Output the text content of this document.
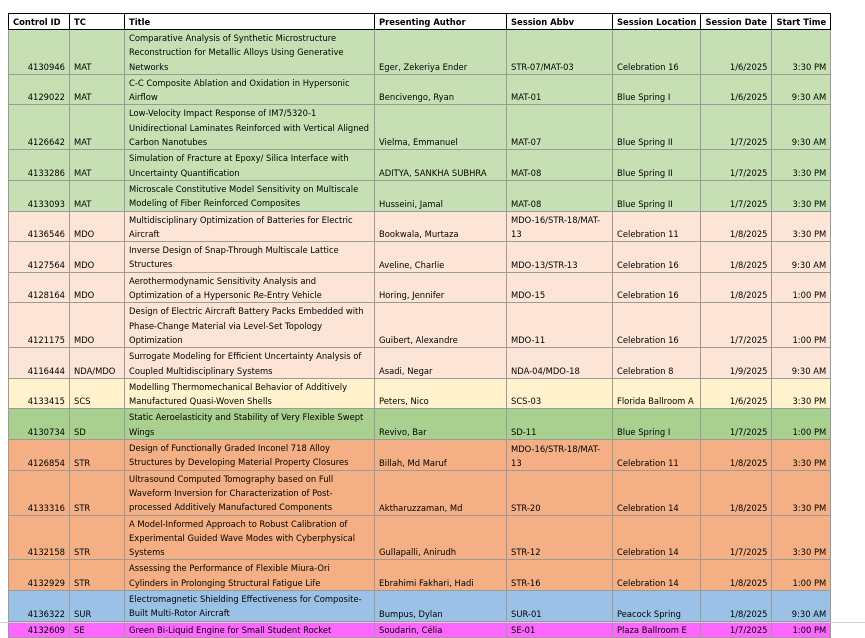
Control ID	TC	Title	Presenting Author	Session Abbv	Session Location	Session Date	Start Time
4130946	MAT	Comparative Analysis of Synthetic Microstructure Reconstruction for Metallic Alloys Using Generative Networks	Eger, Zekeriya Ender	STR-07/MAT-03	Celebration 16	1/6/2025	3:30 PM
4129022	MAT	C-C Composite Ablation and Oxidation in Hypersonic Airflow	Bencivengo, Ryan	MAT-01	Blue Spring I	1/6/2025	9:30 AM
4126642	MAT	Low-Velocity Impact Response of IM7/5320-1 Unidirectional Laminates Reinforced with Vertical Aligned Carbon Nanotubes	Vielma, Emmanuel	MAT-07	Blue Spring II	1/7/2025	9:30 AM
4133286	MAT	Simulation of Fracture at Epoxy/ Silica Interface with Uncertainty Quantification	ADITYA, SANKHA SUBHRA	MAT-08	Blue Spring II	1/7/2025	3:30 PM
4133093	MAT	Microscale Constitutive Model Sensitivity on Multiscale Modeling of Fiber Reinforced Composites	Husseini, Jamal	MAT-08	Blue Spring II	1/7/2025	3:30 PM
4136546	MDO	Multidisciplinary Optimization of Batteries for Electric Aircraft	Bookwala, Murtaza	MDO-16/STR-18/MAT-13	Celebration 11	1/8/2025	3:30 PM
4127564	MDO	Inverse Design of Snap-Through Multiscale Lattice Structures	Aveline, Charlie	MDO-13/STR-13	Celebration 16	1/8/2025	9:30 AM
4128164	MDO	Aerothermodynamic Sensitivity Analysis and Optimization of a Hypersonic Re-Entry Vehicle	Horing, Jennifer	MDO-15	Celebration 16	1/8/2025	1:00 PM
4121175	MDO	Design of Electric Aircraft Battery Packs Embedded with Phase-Change Material via Level-Set Topology Optimization	Guibert, Alexandre	MDO-11	Celebration 16	1/7/2025	1:00 PM
4116444	NDA/MDO	Surrogate Modeling for Efficient Uncertainty Analysis of Coupled Multidisciplinary Systems	Asadi, Negar	NDA-04/MDO-18	Celebration 8	1/9/2025	9:30 AM
4133415	SCS	Modelling Thermomechanical Behavior of Additively Manufactured Quasi-Woven Shells	Peters, Nico	SCS-03	Florida Ballroom A	1/6/2025	3:30 PM
4130734	SD	Static Aeroelasticity and Stability of Very Flexible Swept Wings	Revivo, Bar	SD-11	Blue Spring I	1/7/2025	1:00 PM
4126854	STR	Design of Functionally Graded Inconel 718 Alloy Structures by Developing Material Property Closures	Billah, Md Maruf	MDO-16/STR-18/MAT-13	Celebration 11	1/8/2025	3:30 PM
4133316	STR	Ultrasound Computed Tomography based on Full Waveform Inversion for Characterization of Post-processed Additively Manufactured Components	Aktharuzzaman, Md	STR-20	Celebration 14	1/8/2025	3:30 PM
4132158	STR	A Model-Informed Approach to Robust Calibration of Experimental Guided Wave Modes with Cyberphysical Systems	Gullapalli, Anirudh	STR-12	Celebration 14	1/7/2025	3:30 PM
4132929	STR	Assessing the Performance of Flexible Miura-Ori Cylinders in Prolonging Structural Fatigue Life	Ebrahimi Fakhari, Hadi	STR-16	Celebration 14	1/8/2025	1:00 PM
4136322	SUR	Electromagnetic Shielding Effectiveness for Composite-Built Multi-Rotor Aircraft	Bumpus, Dylan	SUR-01	Peacock Spring	1/8/2025	9:30 AM
4132609	SE	Green Bi-Liquid Engine for Small Student Rocket	Soudarin, Célia	SE-01	Plaza Ballroom E	1/7/2025	1:00 PM
